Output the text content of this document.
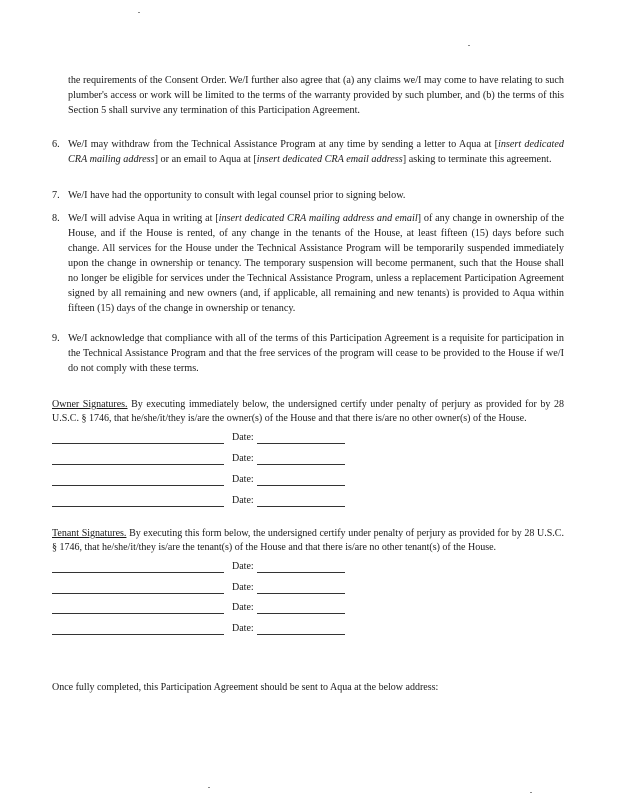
the requirements of the Consent Order. We/I further also agree that (a) any claims we/I may come to have relating to such plumber's access or work will be limited to the terms of the warranty provided by such plumber, and (b) the terms of this Section 5 shall survive any termination of this Participation Agreement.
6. We/I may withdraw from the Technical Assistance Program at any time by sending a letter to Aqua at [insert dedicated CRA mailing address] or an email to Aqua at [insert dedicated CRA email address] asking to terminate this agreement.
7. We/I have had the opportunity to consult with legal counsel prior to signing below.
8. We/I will advise Aqua in writing at [insert dedicated CRA mailing address and email] of any change in ownership of the House, and if the House is rented, of any change in the tenants of the House, at least fifteen (15) days before such change. All services for the House under the Technical Assistance Program will be temporarily suspended immediately upon the change in ownership or tenancy. The temporary suspension will become permanent, such that the House shall no longer be eligible for services under the Technical Assistance Program, unless a replacement Participation Agreement signed by all remaining and new owners (and, if applicable, all remaining and new tenants) is provided to Aqua within fifteen (15) days of the change in ownership or tenancy.
9. We/I acknowledge that compliance with all of the terms of this Participation Agreement is a requisite for participation in the Technical Assistance Program and that the free services of the program will cease to be provided to the House if we/I do not comply with these terms.
Owner Signatures. By executing immediately below, the undersigned certify under penalty of perjury as provided for by 28 U.S.C. § 1746, that he/she/it/they is/are the owner(s) of the House and that there is/are no other owner(s) of the House.
Date:
Date:
Date:
Date:
Tenant Signatures. By executing this form below, the undersigned certify under penalty of perjury as provided for by 28 U.S.C. § 1746, that he/she/it/they is/are the tenant(s) of the House and that there is/are no other tenant(s) of the House.
Date:
Date:
Date:
Date:
Once fully completed, this Participation Agreement should be sent to Aqua at the below address:
